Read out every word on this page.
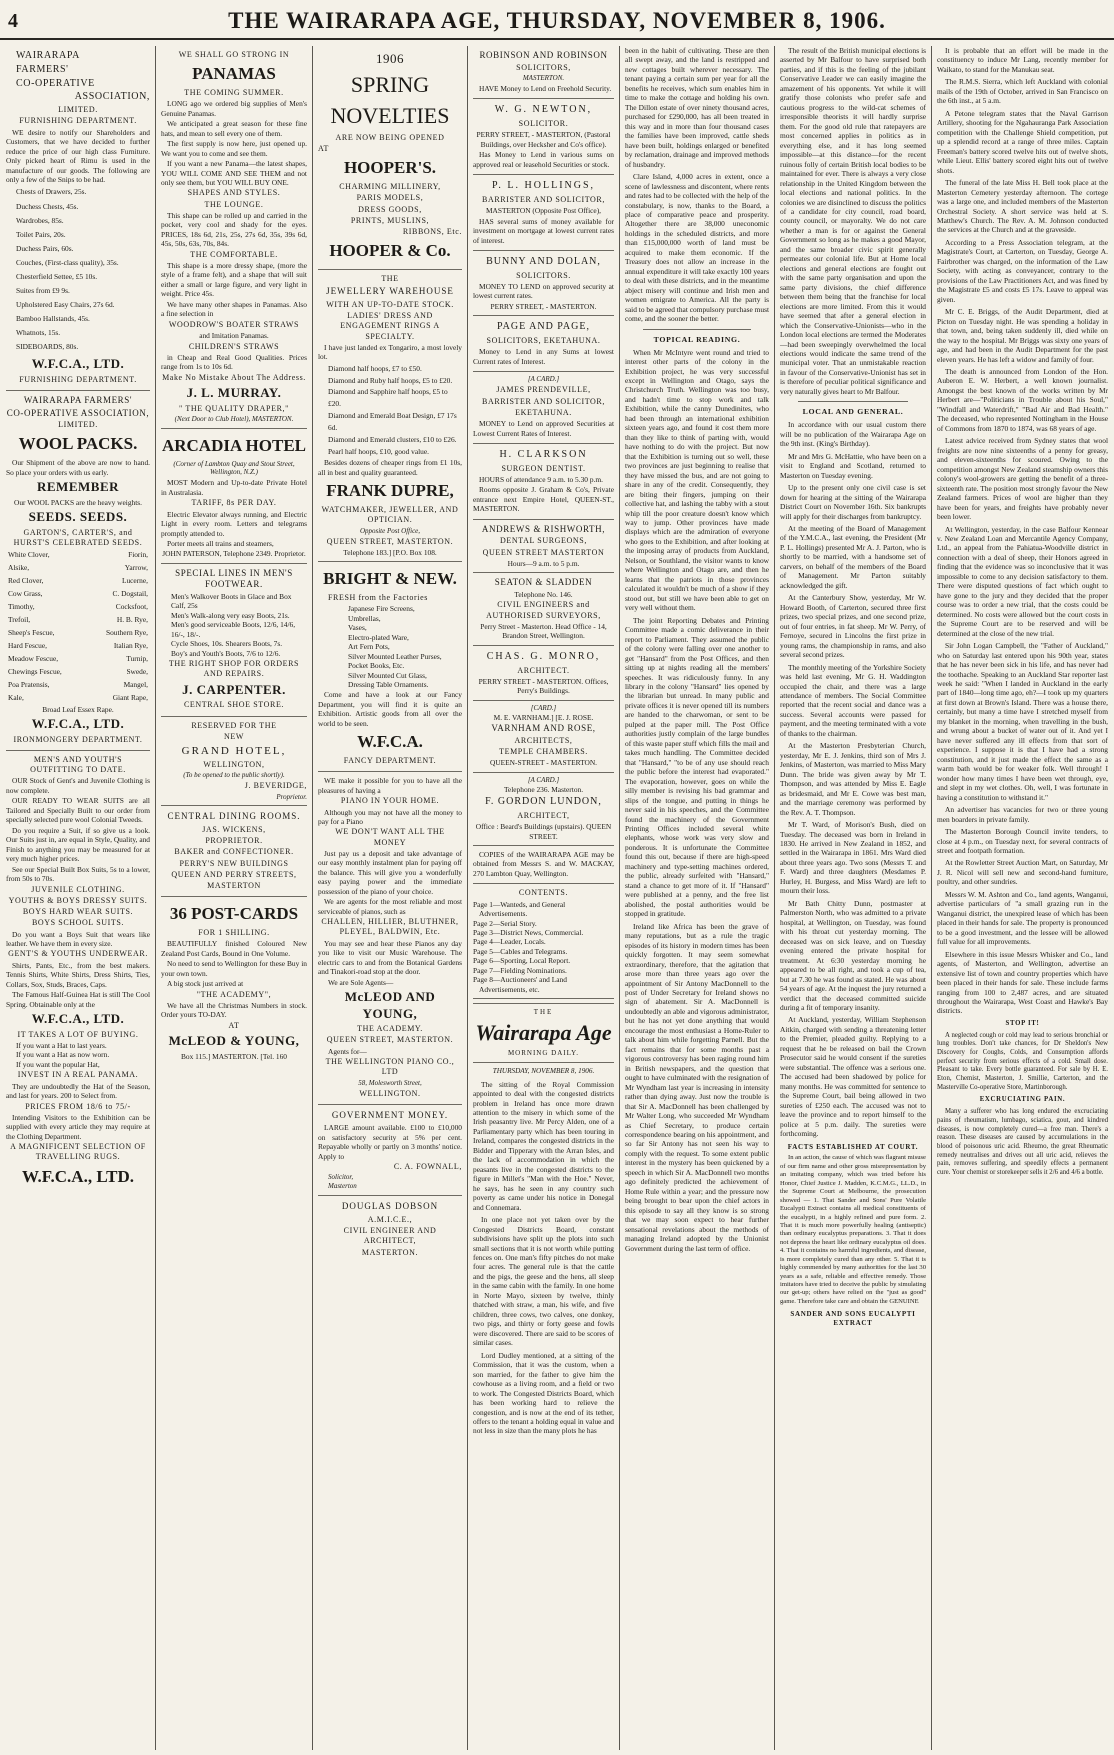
4	THE WAIRARAPA AGE, THURSDAY, NOVEMBER 8, 1906.
WAIRARAPA
FARMERS'
CO-OPERATIVE
ASSOCIATION,
LIMITED.
FURNISHING DEPARTMENT.

WE desire to notify our Shareholders and Customers, that we have decided to further reduce the price of our high class Furniture. Only picked heart of Rimu is used in the manufacture of our goods. The following are only a few of the Snips to be had.

Chests of Drawers, 25s.
Duchess Chests, 45s.
Wardrobes, 85s.
Toilet Pairs, 20s.
Duchess Pairs, 60s.
Couches, (First-class quality), 35s.
Chesterfield Settee, £5 10s.
Suites from £9 9s.
Upholstered Easy Chairs, 27s 6d.
Bamboo Hallstands, 45s.
Whatnots, 15s.
SIDEBOARDS, 80s.
W.F.C.A., LTD.
FURNISHING DEPARTMENT.
WAIRARAPA FARMERS'
CO-OPERATIVE ASSOCIATION,
LIMITED.
WOOL PACKS.

Our Shipment of the above are now to hand. So place your orders with us early.

REMEMBER
Our WOOL PACKS are the heavy weights.
SEEDS. SEEDS.
GARTON'S, CARTER'S, and HURST'S CELEBRATED SEEDS.
White Clover,	Fiorin,
Alsike,	Yarrow,
Red Clover,	Lucerne,
Cow Grass,	C. Dogstail,
Timothy,	Cocksfoot,
Trefoil,	H. B. Rye,
Sheep's Fescue,	Southern Rye,
Hard Fescue,	Italian Rye,
Meadow Fescue,	Turnip,
Chewings Fescue,	Swede,
Poa Pratensis,	Mangel,
Kale,	Giant Rape,
Broad Leaf Essex Rape.
W.F.C.A., LTD.
IRONMONGERY DEPARTMENT.
MEN'S AND YOUTH'S OUTFITTING TO DATE.

OUR Stock of Gent's and Juvenile Clothing is now complete.

OUR READY TO WEAR SUITS are all Tailored and Specially Built to our order from specially selected pure wool Colonial Tweeds.

Do you require a Suit, if so give us a look. Our Suits just in, are equal in Style, Quality, and Finish to anything you may be measured for at very much higher prices.

See our Special Built Box Suits, 5s to a lower, from 50s to 70s.

JUVENILE CLOTHING.
YOUTHS & BOYS DRESSY SUITS.
BOYS HARD WEAR SUITS.
BOYS SCHOOL SUITS.

Do you want a Boys Suit that wears like leather. We have them in every size.

GENT'S & YOUTHS UNDERWEAR.

Shirts, Pants, Etc., from the best makers. Tennis Shirts, White Shirts, Dress Shirts, Ties, Collars, Sox, Studs, Braces, Caps.

The Famous Half-Guinea Hat is still The Cool Spring. Obtainable only at the

W.F.C.A., LTD.
IT TAKES A LOT OF BUYING.
If you want a Hat to last years.
If you want a Hat as now worn.
If you want the popular Hat,
INVEST IN A REAL PANAMA.

They are undoubtedly the Hat of the Season, and last for years. 200 to Select from.

PRICES FROM 18/6 to 75/-

Intending Visitors to the Exhibition can be supplied with every article they may require at the Clothing Department.

A MAGNIFICENT SELECTION OF TRAVELLING RUGS.
W.F.C.A., LTD.
WE SHALL GO STRONG IN
PANAMAS
THE COMING SUMMER.

LONG ago we ordered big supplies of Men's Genuine Panamas.

We anticipated a great season for these fine hats, and mean to sell every one of them.

The first supply is now here, just opened up. We want you to come and see them.

If you want a new Panama—the latest shapes, YOU WILL COME AND SEE THEM and not only see them, but YOU WILL BUY ONE.

SHAPES AND STYLES.
THE LOUNGE.

This shape can be rolled up and carried in the pocket, very cool and shady for the eyes. PRICES, 18s 6d, 21s, 25s, 27s 6d, 35s, 39s 6d, 45s, 50s, 63s, 70s, 84s.

THE COMFORTABLE.

This shape is a more dressy shape, (more the style of a frame felt), and a shape that will suit either a small or large figure, and very light in weight. Price 45s.

We have many other shapes in Panamas. Also a fine selection in

WOODROW'S BOATER STRAWS
and Imitation Panamas.
CHILDREN'S STRAWS

in Cheap and Real Good Qualities. Prices range from 1s to 10s 6d.

Make No Mistake About The Address.
J. L. MURRAY.
" THE QUALITY DRAPER,"
(Next Door to Club Hotel), MASTERTON.
ARCADIA HOTEL
(Corner of Lambton Quay and Stout Street, Wellington, N.Z.)

MOST Modern and Up-to-date Private Hotel in Australasia.

TARIFF, 8s PER DAY.

Electric Elevator always running, and Electric Light in every room. Letters and telegrams promptly attended to.

Porter meets all trains and steamers,

JOHN PATERSON, Telephone 2349. Proprietor.
SPECIAL LINES IN MEN'S FOOTWEAR.
Men's Walkover Boots in Glace and Box Calf, 25s
Men's Walk-along very easy Boots, 21s.
Men's good serviceable Boots, 12/6, 14/6, 16/-, 18/-.
Cycle Shoes, 10s. Shearers Boots, 7s.
Boy's and Youth's Boots, 7/6 to 12/6.
THE RIGHT SHOP FOR ORDERS AND REPAIRS.
J. CARPENTER.
CENTRAL SHOE STORE.
RESERVED FOR THE
NEW
GRAND HOTEL,
WELLINGTON,
(To be opened to the public shortly).
J. BEVERIDGE,
Proprietor.
CENTRAL DINING ROOMS.
JAS. WICKENS,
PROPRIETOR.
BAKER and CONFECTIONER.
PERRY'S NEW BUILDINGS
QUEEN AND PERRY STREETS,
MASTERTON
36 POST-CARDS
FOR 1 SHILLING.

BEAUTIFULLY finished Coloured New Zealand Post Cards, Bound in One Volume.

No need to send to Wellington for these Buy in your own town.

A big stock just arrived at

"THE ACADEMY",

We have all the Christmas Numbers in stock. Order yours TO-DAY.

AT
McLEOD & YOUNG,
Box 115.] MASTERTON. [Tel. 160
1906
SPRING
NOVELTIES
ARE NOW BEING OPENED
AT
HOOPER'S.
CHARMING MILLINERY,
PARIS MODELS,
DRESS GOODS,
PRINTS, MUSLINS,
RIBBONS, Etc.
HOOPER & Co.
THE
JEWELLERY WAREHOUSE
WITH AN UP-TO-DATE STOCK.
LADIES' DRESS AND ENGAGEMENT RINGS A SPECIALTY.

I have just landed ex Tongariro, a most lovely lot.

Diamond half hoops, £7 to £50.
Diamond and Ruby half hoops, £5 to £20.
Diamond and Sapphire half hoops, £5 to £20.
Diamond and Emerald Boat Design, £7 17s 6d.
Diamond and Emerald clusters, £10 to £26.
Pearl half hoops, £10, good value.

Besides dozens of cheaper rings from £1 10s, all in best and quality guaranteed.

FRANK DUPRE,
WATCHMAKER, JEWELLER, AND OPTICIAN.
Opposite Post Office,
QUEEN STREET, MASTERTON.
Telephone 183.] [P.O. Box 108.
BRIGHT & NEW.
FRESH from the Factories
Japanese Fire Screens,
Umbrellas,
Vases,
Electro-plated Ware,
Art Fern Pots,
Silver Mounted Leather Purses, Pocket Books, Etc.
Silver Mounted Cut Glass,
Dressing Table Ornaments.

Come and have a look at our Fancy Department, you will find it is quite an Exhibition. Artistic goods from all over the world to be seen.

W.F.C.A.
FANCY DEPARTMENT.

WE make it possible for you to have all the pleasures of having a

PIANO IN YOUR HOME.

Although you may not have all the money to pay for a Piano

WE DON'T WANT ALL THE MONEY

Just pay us a deposit and take advantage of our easy monthly instalment plan for paying off the balance. This will give you a wonderfully easy paying power and the immediate possession of the piano of your choice.

We are agents for the most reliable and most serviceable of pianos, such as

CHALLEN, HILLIER, BLUTHNER, PLEYEL, BALDWIN, Etc.

You may see and hear these Pianos any day you like to visit our Music Warehouse. The electric cars to and from the Botanical Gardens and Tinakori-road stop at the door.

We are Sole Agents—
McLEOD AND YOUNG,
THE ACADEMY.
QUEEN STREET, MASTERTON.
Agents for—
THE WELLINGTON PIANO CO., LTD
58, Molesworth Street,
WELLINGTON.
GOVERNMENT MONEY.

LARGE amount available. £100 to £10,000 on satisfactory security at 5% per cent. Repayable wholly or partly on 3 months' notice. Apply to

C. A. FOWNALL,
Solicitor,
Masterton
DOUGLAS DOBSON
A.M.I.C.E.,
CIVIL ENGINEER AND ARCHITECT,
MASTERTON.
ROBINSON AND ROBINSON
SOLICITORS,
MASTERTON.

HAVE Money to Lend on Freehold Security.

W. G. NEWTON,
SOLICITOR.
PERRY STREET, - MASTERTON, (Pastoral Buildings, over Hecksher and Co's office).

Has Money to Lend in various sums on approved real or leasehold Securities or stock.

P. L. HOLLINGS,
BARRISTER AND SOLICITOR,
MASTERTON (Opposite Post Office),

HAS several sums of money available for investment on mortgage at lowest current rates of interest.

BUNNY AND DOLAN,
SOLICITORS.

MONEY TO LEND on approved security at lowest current rates.

PERRY STREET, - MASTERTON.
PAGE AND PAGE,
SOLICITORS, EKETAHUNA.

Money to Lend in any Sums at lowest Current rates of Interest.

[A CARD.]
JAMES PRENDEVILLE,
BARRISTER AND SOLICITOR,
EKETAHUNA.

MONEY to Lend on approved Securities at Lowest Current Rates of Interest.

H. CLARKSON
SURGEON DENTIST.

HOURS of attendance 9 a.m. to 5.30 p.m.

Rooms opposite J. Graham & Co's, Private entrance next Empire Hotel, QUEEN-ST., MASTERTON.

ANDREWS & RISHWORTH,
DENTAL SURGEONS,
QUEEN STREET MASTERTON
Hours—9 a.m. to 5 p.m.
SEATON & SLADDEN
Telephone No. 146.
CIVIL ENGINEERS and AUTHORISED SURVEYORS,
Perry Street - Masterton. Head Office - 14, Brandon Street, Wellington.
CHAS. G. MONRO,
ARCHITECT.
PERRY STREET - MASTERTON. Offices, Perry's Buildings.
[CARD.]
M. E. VARNHAM.] [E. J. ROSE.
VARNHAM AND ROSE,
ARCHITECTS,
TEMPLE CHAMBERS.
QUEEN-STREET - MASTERTON.
[A CARD.]
Telephone 236. Masterton.
F. GORDON LUNDON,
ARCHITECT,
Office : Beard's Buildings (upstairs). QUEEN STREET.

COPIES of the WAIRARAPA AGE may be obtained from Messrs S. and W. MACKAY, 270 Lambton Quay, Wellington.

CONTENTS.
Page 1—Wanteds, and General Advertisements.
Page 2—Serial Story.
Page 3—District News, Commercial.
Page 4—Leader, Locals.
Page 5—Cables and Telegrams.
Page 6—Sporting, Local Report.
Page 7—Fielding Nominations.
Page 8—Auctioneers' and Land Advertisements, etc.
THE
Wairarapa Age
MORNING DAILY.
THURSDAY, NOVEMBER 8, 1906.

The sitting of the Royal Commission appointed to deal with the congested districts problem in Ireland has once more drawn attention to the misery in which some of the Irish peasantry live. Mr Percy Alden, one of a Parliamentary party which has been touring in Ireland, compares the congested districts in the Bidder and Tipperary with the Arran Isles, and the lack of accommodation in which the peasants live in the congested districts to the figure in Millet's "Man with the Hoe." Never, he says, has he seen in any country such poverty as came under his notice in Donegal and Connemara.

In one place not yet taken over by the Congested Districts Board, constant subdivisions have split up the plots into such small sections that it is not worth while putting fences on. One man's fifty pitches do not make four acres. The general rule is that the cattle and the pigs, the geese and the hens, all sleep in the same cabin with the family. In one home in Norte Mayo, sixteen by twelve, thinly thatched with straw, a man, his wife, and five children, three cows, two calves, one donkey, two pigs, and thirty or forty geese and fowls were discovered. There are said to be scores of similar cases.

Lord Dudley mentioned, at a sitting of the Commission, that it was the custom, when a son married, for the father to give him the cowhouse as a living room, and a field or two to work. The Congested Districts Board, which has been working hard to relieve the congestion, and is now at the end of its tether, offers to the tenant a holding equal in value and not less in size than the many plots he has

been in the habit of cultivating. These are then all swept away, and the land is restripped and new cottages built wherever necessary. The tenant paying a certain sum per year for all the benefits he receives, which sum enables him in time to make the cottage and holding his own. The Dillon estate of over ninety thousand acres, purchased for £290,000, has all been treated in this way and in more than four thousand cases the families have been improved, cattle sheds have been built, holdings enlarged or benefited by reclamation, drainage and improved methods of husbandry.

Clare Island, 4,000 acres in extent, once a scene of lawlessness and discontent, where rents and rates had to be collected with the help of the constabulary, is now, thanks to the Board, a place of comparative peace and prosperity. Altogether there are 38,000 uneconomic holdings in the scheduled districts, and more than £15,000,000 worth of land must be acquired to make them economic. If the Treasury does not allow an increase in the annual expenditure it will take exactly 100 years to deal with these districts, and in the meantime abject misery will continue and Irish men and women emigrate to America. All the party is said to be agreed that compulsory purchase must come, and the sooner the better.

TOPICAL READING.

When Mr McIntyre went round and tried to interest other parts of the colony in the Exhibition project, he was very successful except in Wellington and Otago, says the Christchurch Truth. Wellington was too busy, and hadn't time to stop work and talk Exhibition, while the canny Dunedinites, who had been through an international exhibition sixteen years ago, and found it cost them more than they like to think of parting with, would have nothing to do with the project. But now that the Exhibition is turning out so well, these two provinces are just beginning to realise that they have missed the bus, and are not going to share in any of the credit. Consequently, they are biting their fingers, jumping on their collective hat, and lashing the tabby with a stout whip till the poor creature doesn't know which way to jump. Other provinces have made displays which are the admiration of everyone who goes to the Exhibition, and after looking at the imposing array of products from Auckland, Nelson, or Southland, the visitor wants to know where Wellington and Otago are, and then he learns that the patriots in those provinces calculated it wouldn't be much of a show if they stood out, but still we have been able to get on very well without them.

The joint Reporting Debates and Printing Committee made a comic deliverance in their report to Parliament. They assumed the public of the colony were falling over one another to get "Hansard" from the Post Offices, and then sitting up at nights reading all the members' speeches. It was ridiculously funny. In any library in the colony "Hansard" lies opened by the librarian but unread. In many public and private offices it is never opened till its numbers are handed to the charwoman, or sent to be pulped at the paper mill. The Post Office authorities justly complain of the large bundles of this waste paper stuff which fills the mail and takes much handling. The Committee decided that "Hansard," "to be of any use should reach the public before the interest had evaporated." The evaporation, however, goes on while the silly member is revising his bad grammar and slips of the tongue, and putting in things he never said in his speeches, and the Committee found the machinery of the Government Printing Offices included several white elephants, whose work was very slow and ponderous. It is unfortunate the Committee found this out, because if there are high-speed machinery and type-setting machines ordered, the public, already surfeited with "Hansard," stand a chance to get more of it. If "Hansard" were published at a penny, and the free list abolished, the postal authorities would be stopped in gratitude.

Ireland like Africa has been the grave of many reputations, but as a rule the tragic episodes of its history in modern times has been quickly forgotten. It may seem somewhat extraordinary, therefore, that the agitation that arose more than three years ago over the appointment of Sir Antony MacDonnell to the post of Under Secretary for Ireland shows no sign of abatement. Sir A. MacDonnell is undoubtedly an able and vigorous administrator, but he has not yet done anything that would encourage the most enthusiast a Home-Ruler to talk about him while forgetting Parnell. But the fact remains that for some months past a vigorous controversy has been raging round him in British newspapers, and the question that ought to have culminated with the resignation of Mr Wyndham last year is increasing in intensity rather than dying away. Just now the trouble is that Sir A. MacDonnell has been challenged by Mr Walter Long, who succeeded Mr Wyndham as Chief Secretary, to produce certain correspondence bearing on his appointment, and so far Sir Antony has not seen his way to comply with the request. To some extent public interest in the mystery has been quickened by a speech in which Sir A. MacDonnell two months ago definitely predicted the achievement of Home Rule within a year; and the pressure now being brought to bear upon the chief actors in this episode to say all they know is so strong that we may soon expect to hear further sensational revelations about the methods of managing Ireland adopted by the Unionist Government during the last term of office.

The result of the British municipal elections is asserted by Mr Balfour to have surprised both parties, and if this is the feeling of the jubilant Conservative Leader we can easily imagine the amazement of his opponents. Yet while it will gratify those colonists who prefer safe and cautious progress to the wild-cat schemes of irresponsible theorists it will hardly surprise them. For the good old rule that ratepayers are most concerned applies in politics as in everything else, and it has long seemed impossible—at this distance—for the recent ruinous folly of certain British local bodies to be maintained for ever. There is always a very close relationship in the United Kingdom between the local elections and national politics. In the colonies we are disinclined to discuss the politics of a candidate for city council, road board, county council, or mayoralty. We do not care whether a man is for or against the General Government so long as he makes a good Mayor, and the same broader civic spirit generally permeates our colonial life. But at Home local elections and general elections are fought out with the same party organisation and upon the same party divisions, the chief difference between them being that the franchise for local elections are more limited. From this it would have seemed that after a general election in which the Conservative-Unionists—who in the London local elections are termed the Moderates—had been sweepingly overwhelmed the local elections would indicate the same trend of the municipal voter. That an unmistakable reaction in favour of the Conservative-Unionist has set in is therefore of peculiar political significance and very naturally gives heart to Mr Balfour.

LOCAL AND GENERAL.

In accordance with our usual custom there will be no publication of the Wairarapa Age on the 9th inst. (King's Birthday).

Mr and Mrs G. McHattie, who have been on a visit to England and Scotland, returned to Masterton on Tuesday evening.

Up to the present only one civil case is set down for hearing at the sitting of the Wairarapa District Court on November 16th. Six bankrupts will apply for their discharges from bankruptcy.

At the meeting of the Board of Management of the Y.M.C.A., last evening, the President (Mr P. L. Hollings) presented Mr A. J. Parton, who is shortly to be married, with a handsome set of carvers, on behalf of the members of the Board of Management. Mr Parton suitably acknowledged the gift.

At the Canterbury Show, yesterday, Mr W. Howard Booth, of Carterton, secured three first prizes, two special prizes, and one second prize, out of four entries, in fat sheep. Mr W. Perry, of Fernoye, secured in Lincolns the first prize in young rams, the championship in rams, and also several second prizes.

The monthly meeting of the Yorkshire Society was held last evening, Mr G. H. Waddington occupied the chair, and there was a large attendance of members. The Social Committee reported that the recent social and dance was a success. Several accounts were passed for payment, and the meeting terminated with a vote of thanks to the chairman.

At the Masterton Presbyterian Church, yesterday, Mr E. J. Jenkins, third son of Mrs J. Jenkins, of Masterton, was married to Miss Mary Dunn. The bride was given away by Mr T. Thompson, and was attended by Miss E. Eagle as bridesmaid, and Mr E. Cowe was best man, and the marriage ceremony was performed by the Rev. A. T. Thompson.

Mr T. Ward, of Morison's Bush, died on Tuesday. The deceased was born in Ireland in 1830. He arrived in New Zealand in 1852, and settled in the Wairarapa in 1861. Mrs Ward died about three years ago. Two sons (Messrs T. and F. Ward) and three daughters (Mesdames P. Hurley, H. Burgess, and Miss Ward) are left to mourn their loss.

Mr Bath Chitty Dunn, postmaster at Palmerston North, who was admitted to a private hospital, at Wellington, on Tuesday, was found with his throat cut yesterday morning. The deceased was on sick leave, and on Tuesday evening entered the private hospital for treatment. At 6:30 yesterday morning he appeared to be all right, and took a cup of tea, but at 7.30 he was found as stated. He was about 54 years of age. At the inquest the jury returned a verdict that the deceased committed suicide during a fit of temporary insanity.

At Auckland, yesterday, William Stephenson Aitkin, charged with sending a threatening letter to the Premier, pleaded guilty. Replying to a request that he be released on bail the Crown Prosecutor said he would consent if the sureties were substantial. The offence was a serious one. The accused had been shadowed by police for many months. He was committed for sentence to the Supreme Court, bail being allowed in two sureties of £250 each. The accused was not to leave the province and to report himself to the police at 5 p.m. daily. The sureties were forthcoming.

FACTS ESTABLISHED AT COURT.

In an action, the cause of which was flagrant misuse of our firm name and other gross misrepresentation by an imitating company, which was tried before his Honor, Chief Justice J. Madden, K.C.M.G., LL.D., in the Supreme Court at Melbourne, the prosecution showed — 1. That Sander and Sons' Pure Volatile Eucalypti Extract contains all medical constituents of the eucalypti, in a highly refined and pure form. 2. That it is much more powerfully healing (antiseptic) than ordinary eucalyptus preparations. 3. That it does not depress the heart like ordinary eucalyptus oil does. 4. That it contains no harmful ingredients, and disease, is more completely cured than any other. 5. That it is highly commended by many authorities for the last 30 years as a safe, reliable and effective remedy. Those imitators have tried to deceive the public by simulating our get-up; others have relied on the "just as good" game. Therefore take care and obtain the GENUINE

SANDER AND SONS EUCALYPTI EXTRACT

It is probable that an effort will be made in the constituency to induce Mr Lang, recently member for Waikato, to stand for the Manukau seat.

The R.M.S. Sierra, which left Auckland with colonial mails of the 19th of October, arrived in San Francisco on the 6th inst., at 5 a.m.

A Petone telegram states that the Naval Garrison Artillery, shooting for the Ngahauranga Park Association competition with the Challenge Shield competition, put up a splendid record at a range of three miles. Captain Freeman's battery scored twelve hits out of twelve shots, while Lieut. Ellis' battery scored eight hits out of twelve shots.

The funeral of the late Miss H. Bell took place at the Masterton Cemetery yesterday afternoon. The cortege was a large one, and included members of the Masterton Orchestral Society. A short service was held at S. Matthew's Church. The Rev. A. M. Johnson conducted the services at the Church and at the graveside.

According to a Press Association telegram, at the Magistrate's Court, at Carterton, on Tuesday, George A. Fairbrother was charged, on the information of the Law Society, with acting as conveyancer, contrary to the provisions of the Law Practitioners Act, and was fined by the Magistrate £5 and costs £5 17s. Leave to appeal was given.

Mr C. E. Briggs, of the Audit Department, died at Picton on Tuesday night. He was spending a holiday in that town, and, being taken suddenly ill, died while on the way to the hospital. Mr Briggs was sixty one years of age, and had been in the Audit Department for the past eleven years. He has left a widow and family of four.

The death is announced from London of the Hon. Auberon E. W. Herbert, a well known journalist. Amongst the best known of the works written by Mr Herbert are—"Politicians in Trouble about his Soul," "Windfall and Waterdrift," "Bad Air and Bad Health." The deceased, who represented Nottingham in the House of Commons from 1870 to 1874, was 68 years of age.

Latest advice received from Sydney states that wool freights are now nine sixteenths of a penny for greasy, and eleven-sixteenths for scoured. Owing to the competition amongst New Zealand steamship owners this colony's wool-growers are getting the benefit of a three-sixteenth rate. The position most strongly favour the New Zealand farmers. Prices of wool are higher than they have been for years, and freights have probably never been lower.

At Wellington, yesterday, in the case Balfour Kennear v. New Zealand Loan and Mercantile Agency Company, Ltd., an appeal from the Pahiatua-Woodville district in connection with a deal of sheep, their Honors agreed in finding that the evidence was so inconclusive that it was impossible to come to any decision satisfactory to them. There were disputed questions of fact which ought to have gone to the jury and they decided that the proper course was to order a new trial, that the costs could be determined. No costs were allowed but the court costs in the Supreme Court are to be reserved and will be determined at the close of the new trial.

Sir John Logan Campbell, the "Father of Auckland," who on Saturday last entered upon his 90th year, states that he has never been sick in his life, and has never had the toothache. Speaking to an Auckland Star reporter last week he said: "When I landed in Auckland in the early part of 1840—long time ago, eh?—I took up my quarters at first down at Brown's Island. There was a house there, certainly, but many a time have I stretched myself from my blanket in the morning, when travelling in the bush, and wrung about a bucket of water out of it. And yet I have never suffered any ill effects from that sort of experience. I suppose it is that I have had a strong constitution, and it just made the effect the same as a warm bath would be for weaker folk. Well through! I wonder how many times I have been wet through, eye, and slept in my wet clothes. Oh, well, I was fortunate in having a constitution to withstand it."

An advertiser has vacancies for two or three young men boarders in private family.

The Masterton Borough Council invite tenders, to close at 4 p.m., on Tuesday next, for several contracts of street and footpath formation.

At the Rowletter Street Auction Mart, on Saturday, Mr J. R. Nicol will sell new and second-hand furniture, poultry, and other sundries.

Messrs W. M. Ashton and Co., land agents, Wanganui, advertise particulars of "a small grazing run in the Wanganui district, the unexpired lease of which has been placed in their hands for sale. The property is pronounced to be a good investment, and the lessee will be allowed full value for all improvements.

Elsewhere in this issue Messrs Whisker and Co., land agents, of Masterton, and Wellington, advertise an extensive list of town and country properties which have been placed in their hands for sale. These include farms ranging from 100 to 2,487 acres, and are situated throughout the Wairarapa, West Coast and Hawke's Bay districts.

STOP IT!

A neglected cough or cold may lead to serious bronchial or lung troubles. Don't take chances, for Dr Sheldon's New Discovery for Coughs, Colds, and Consumption affords perfect security from serious effects of a cold. Small dose. Pleasant to take. Every bottle guaranteed. For sale by H. E. Eton, Chemist, Masterton, J. Smillie, Carterton, and the Masterville Co-operative Store, Martinborough.

EXCRUCIATING PAIN.

Many a sufferer who has long endured the excruciating pains of rheumatism, lumbago, sciatica, gout, and kindred diseases, is now completely cured—a free man. There's a reason. These diseases are caused by accumulations in the blood of poisonous uric acid. Rheumo, the great Rheumatic remedy neutralises and drives out all uric acid, relieves the pain, removes suffering, and speedily effects a permanent cure. Your chemist or storekeeper sells it 2/6 and 4/6 a bottle.
